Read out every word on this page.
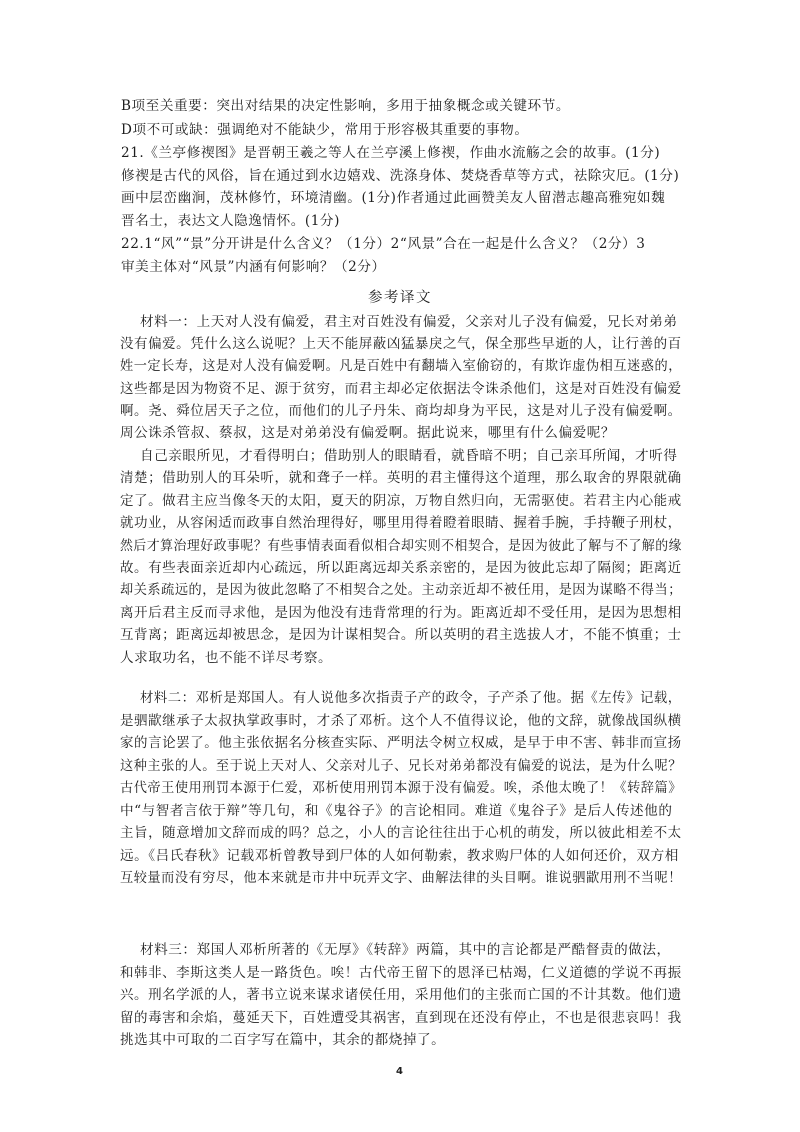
B项至关重要：突出对结果的决定性影响，多用于抽象概念或关键环节。

D项不可或缺：强调绝对不能缺少，常用于形容极其重要的事物。

21.《兰亭修禊图》是晋朝王羲之等人在兰亭溪上修禊，作曲水流觞之会的故事。(1分)

修禊是古代的风俗，旨在通过到水边嬉戏、洗涤身体、焚烧香草等方式，祛除灾厄。(1分)

画中层峦幽涧，茂林修竹，环境清幽。(1分)作者通过此画赞美友人留潜志趣高雅宛如魏

晋名士，表达文人隐逸情怀。(1分)

22.1“风”“景”分开讲是什么含义？（1分）2“风景”合在一起是什么含义？（2分）3

审美主体对“风景”内涵有何影响？（2分）

参考译文

材料一：上天对人没有偏爱，君主对百姓没有偏爱，父亲对儿子没有偏爱，兄长对弟弟

没有偏爱。凭什么这么说呢？上天不能屏蔽凶猛暴戾之气，保全那些早逝的人，让行善的百

姓一定长寿，这是对人没有偏爱啊。凡是百姓中有翻墙入室偷窃的，有欺诈虚伪相互迷惑的，

这些都是因为物资不足、源于贫穷，而君主却必定依据法令诛杀他们，这是对百姓没有偏爱

啊。尧、舜位居天子之位，而他们的儿子丹朱、商均却身为平民，这是对儿子没有偏爱啊。

周公诛杀管叔、蔡叔，这是对弟弟没有偏爱啊。据此说来，哪里有什么偏爱呢？

自己亲眼所见，才看得明白；借助别人的眼睛看，就昏暗不明；自己亲耳所闻，才听得

清楚；借助别人的耳朵听，就和聋子一样。英明的君主懂得这个道理，那么取舍的界限就确

定了。做君主应当像冬天的太阳，夏天的阴凉，万物自然归向，无需驱使。若君主内心能戒

就功业，从容闲适而政事自然治理得好，哪里用得着瞪着眼睛、握着手腕，手持鞭子刑杖，

然后才算治理好政事呢？有些事情表面看似相合却实则不相契合，是因为彼此了解与不了解的缘

故。有些表面亲近却内心疏远，所以距离远却关系亲密的，是因为彼此忘却了隔阂；距离近

却关系疏远的，是因为彼此忽略了不相契合之处。主动亲近却不被任用，是因为谋略不得当；

离开后君主反而寻求他，是因为他没有违背常理的行为。距离近却不受任用，是因为思想相

互背离；距离远却被思念，是因为计谋相契合。所以英明的君主选拔人才，不能不慎重；士

人求取功名，也不能不详尽考察。

材料二：邓析是郑国人。有人说他多次指责子产的政令，子产杀了他。据《左传》记载，

是驷歂继承子太叔执掌政事时，才杀了邓析。这个人不值得议论，他的文辞，就像战国纵横

家的言论罢了。他主张依据名分核查实际、严明法令树立权威，是早于申不害、韩非而宣扬

这种主张的人。至于说上天对人、父亲对儿子、兄长对弟弟都没有偏爱的说法，是为什么呢？

古代帝王使用刑罚本源于仁爱，邓析使用刑罚本源于没有偏爱。唉，杀他太晚了！《转辞篇》

中“与智者言依于辩”等几句，和《鬼谷子》的言论相同。难道《鬼谷子》是后人传述他的

主旨，随意增加文辞而成的吗？总之，小人的言论往往出于心机的萌发，所以彼此相差不太

远。《吕氏春秋》记载邓析曾教导到尸体的人如何勒索，教求购尸体的人如何还价，双方相

互较量而没有穷尽，他本来就是市井中玩弄文字、曲解法律的头目啊。谁说驷歂用刑不当呢！

材料三：郑国人邓析所著的《无厚》《转辞》两篇，其中的言论都是严酷督责的做法，

和韩非、李斯这类人是一路货色。唉！古代帝王留下的恩泽已枯竭，仁义道德的学说不再振

兴。刑名学派的人，著书立说来谋求诸侯任用，采用他们的主张而亡国的不计其数。他们遗

留的毒害和余焰，蔓延天下，百姓遭受其祸害，直到现在还没有停止，不也是很悲哀吗！我

挑选其中可取的二百字写在篇中，其余的都烧掉了。

4
